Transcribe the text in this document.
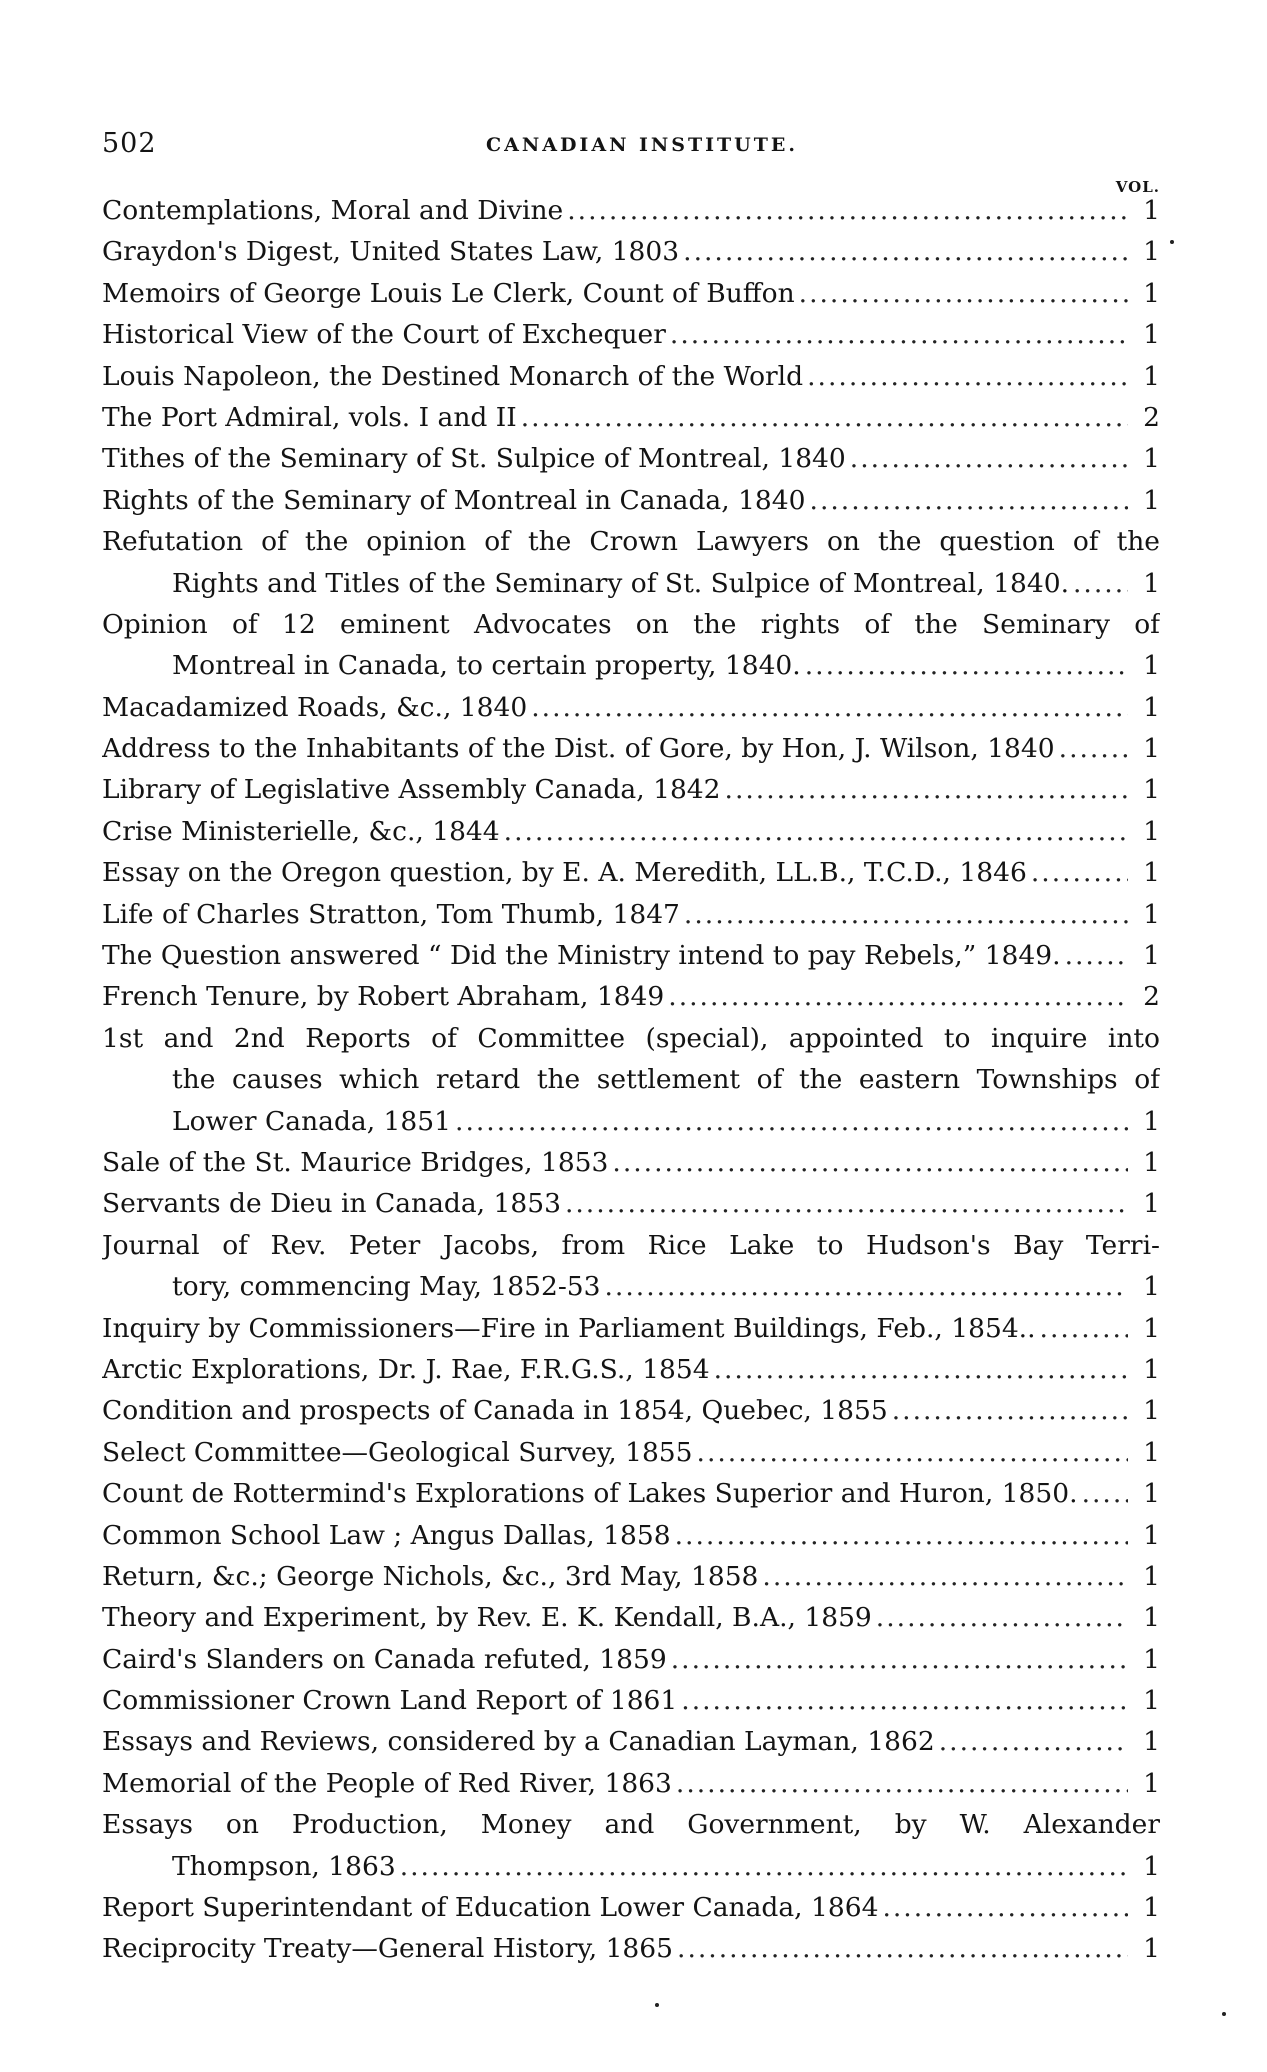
502	CANADIAN INSTITUTE.
VOL.
Contemplations, Moral and Divine .....	1
Graydon's Digest, United States Law, 1803 .....	1
Memoirs of George Louis Le Clerk, Count of Buffon .....	1
Historical View of the Court of Exchequer .....	1
Louis Napoleon, the Destined Monarch of the World .....	1
The Port Admiral, vols. I and II .....	2
Tithes of the Seminary of St. Sulpice of Montreal, 1840 .....	1
Rights of the Seminary of Montreal in Canada, 1840 .....	1
Refutation of the opinion of the Crown Lawyers on the question of the
Rights and Titles of the Seminary of St. Sulpice of Montreal, 1840. .....	1
Opinion of 12 eminent Advocates on the rights of the Seminary of
Montreal in Canada, to certain property, 1840. .....	1
Macadamized Roads, &c., 1840 .....	1
Address to the Inhabitants of the Dist. of Gore, by Hon, J. Wilson, 1840 .....	1
Library of Legislative Assembly Canada, 1842 .....	1
Crise Ministerielle, &c., 1844 .....	1
Essay on the Oregon question, by E. A. Meredith, LL.B., T.C.D., 1846 .....	1
Life of Charles Stratton, Tom Thumb, 1847 .....	1
The Question answered “ Did the Ministry intend to pay Rebels,” 1849. .....	1
French Tenure, by Robert Abraham, 1849 .....	2
1st and 2nd Reports of Committee (special), appointed to inquire into
the causes which retard the settlement of the eastern Townships of
Lower Canada, 1851 .....	1
Sale of the St. Maurice Bridges, 1853 .....	1
Servants de Dieu in Canada, 1853 .....	1
Journal of Rev. Peter Jacobs, from Rice Lake to Hudson's Bay Terri-
tory, commencing May, 1852-53 .....	1
Inquiry by Commissioners—Fire in Parliament Buildings, Feb., 1854.. .....	1
Arctic Explorations, Dr. J. Rae, F.R.G.S., 1854 .....	1
Condition and prospects of Canada in 1854, Quebec, 1855 .....	1
Select Committee—Geological Survey, 1855 .....	1
Count de Rottermind's Explorations of Lakes Superior and Huron, 1850. .....	1
Common School Law ; Angus Dallas, 1858 .....	1
Return, &c.; George Nichols, &c., 3rd May, 1858 .....	1
Theory and Experiment, by Rev. E. K. Kendall, B.A., 1859 .....	1
Caird's Slanders on Canada refuted, 1859 .....	1
Commissioner Crown Land Report of 1861 .....	1
Essays and Reviews, considered by a Canadian Layman, 1862 .....	1
Memorial of the People of Red River, 1863 .....	1
Essays on Production, Money and Government, by W. Alexander
Thompson, 1863 .....	1
Report Superintendant of Education Lower Canada, 1864 .....	1
Reciprocity Treaty—General History, 1865 .....	1
